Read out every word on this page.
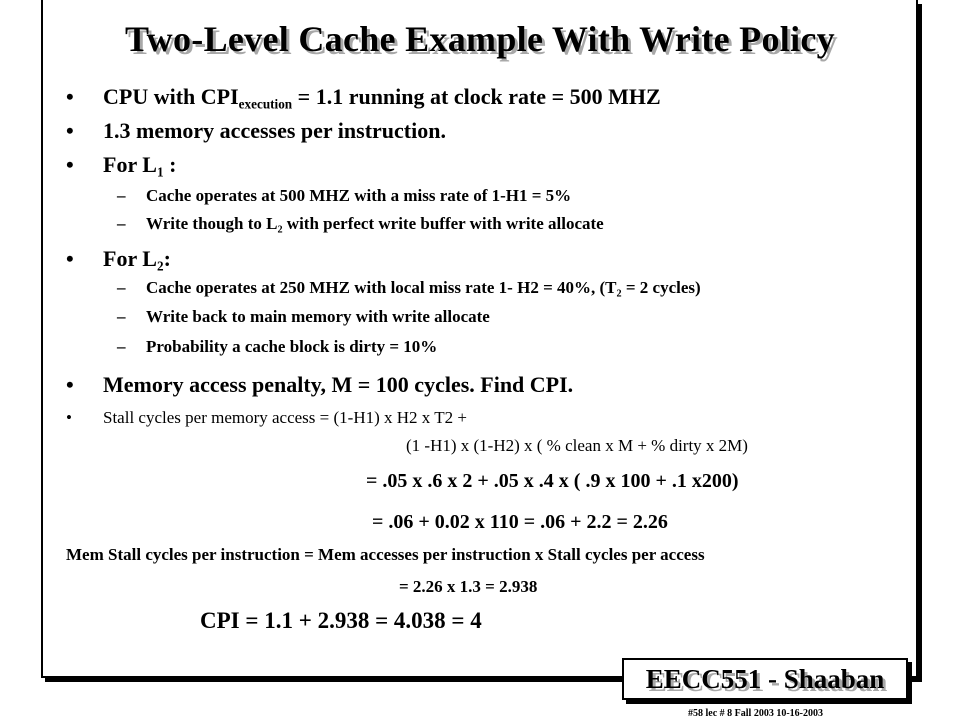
Two-Level Cache Example With Write Policy
• CPU with $CPI_{execution} = 1.1$ running at clock rate = 500 MHZ
• 1.3 memory accesses per instruction.
• For $L_1$ :
– Cache operates at 500 MHZ with a miss rate of 1-H1 = 5%
– Write though to $L_2$ with perfect write buffer with write allocate
• For $L_2$:
– Cache operates at 250 MHZ with local miss rate 1- H2 = 40%, ($T_2 = 2$ cycles)
– Write back to main memory with write allocate
– Probability a cache block is dirty = 10%
• Memory access penalty, M = 100 cycles. Find CPI.
• Stall cycles per memory access = (1-H1) x H2 x T2 +
(1 -H1) x (1-H2) x ( % clean x M + % dirty x 2M)
= .05 x .6 x 2 + .05 x .4 x ( .9 x 100 + .1 x200)
= .06 + 0.02 x 110 = .06 + 2.2 = 2.26
Mem Stall cycles per instruction = Mem accesses per instruction x Stall cycles per access
= 2.26 x 1.3 = 2.938
CPI = 1.1 + 2.938 = 4.038 = 4
EECC551 - Shaaban
#58 lec # 8 Fall 2003 10-16-2003
